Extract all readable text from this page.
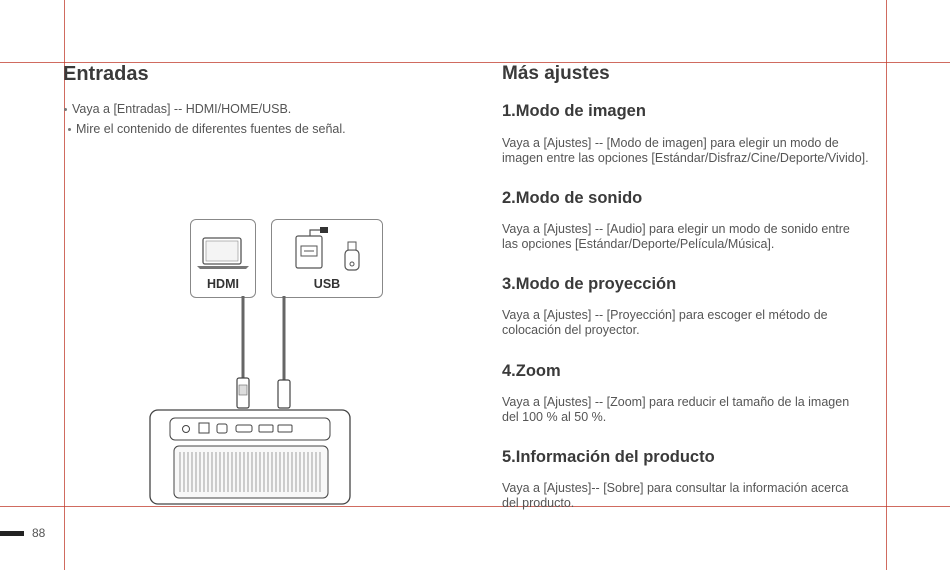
Entradas
Vaya a [Entradas] -- HDMI/HOME/USB.
Mire el contenido de diferentes fuentes de señal.
HDMI	USB
Más ajustes
1.Modo de imagen

Vaya a [Ajustes] -- [Modo de imagen] para elegir un modo de

imagen entre las opciones [Estándar/Disfraz/Cine/Deporte/Vivido].

2.Modo de sonido

Vaya a [Ajustes] -- [Audio] para elegir un modo de sonido entre

las opciones [Estándar/Deporte/Película/Música].

3.Modo de proyección

Vaya a [Ajustes] -- [Proyección] para escoger el método de

colocación del proyector.

4.Zoom

Vaya a [Ajustes] -- [Zoom] para reducir el tamaño de la imagen

del 100 % al 50 %.

5.Información del producto

Vaya a [Ajustes]-- [Sobre] para consultar la información acerca

del producto.

88
